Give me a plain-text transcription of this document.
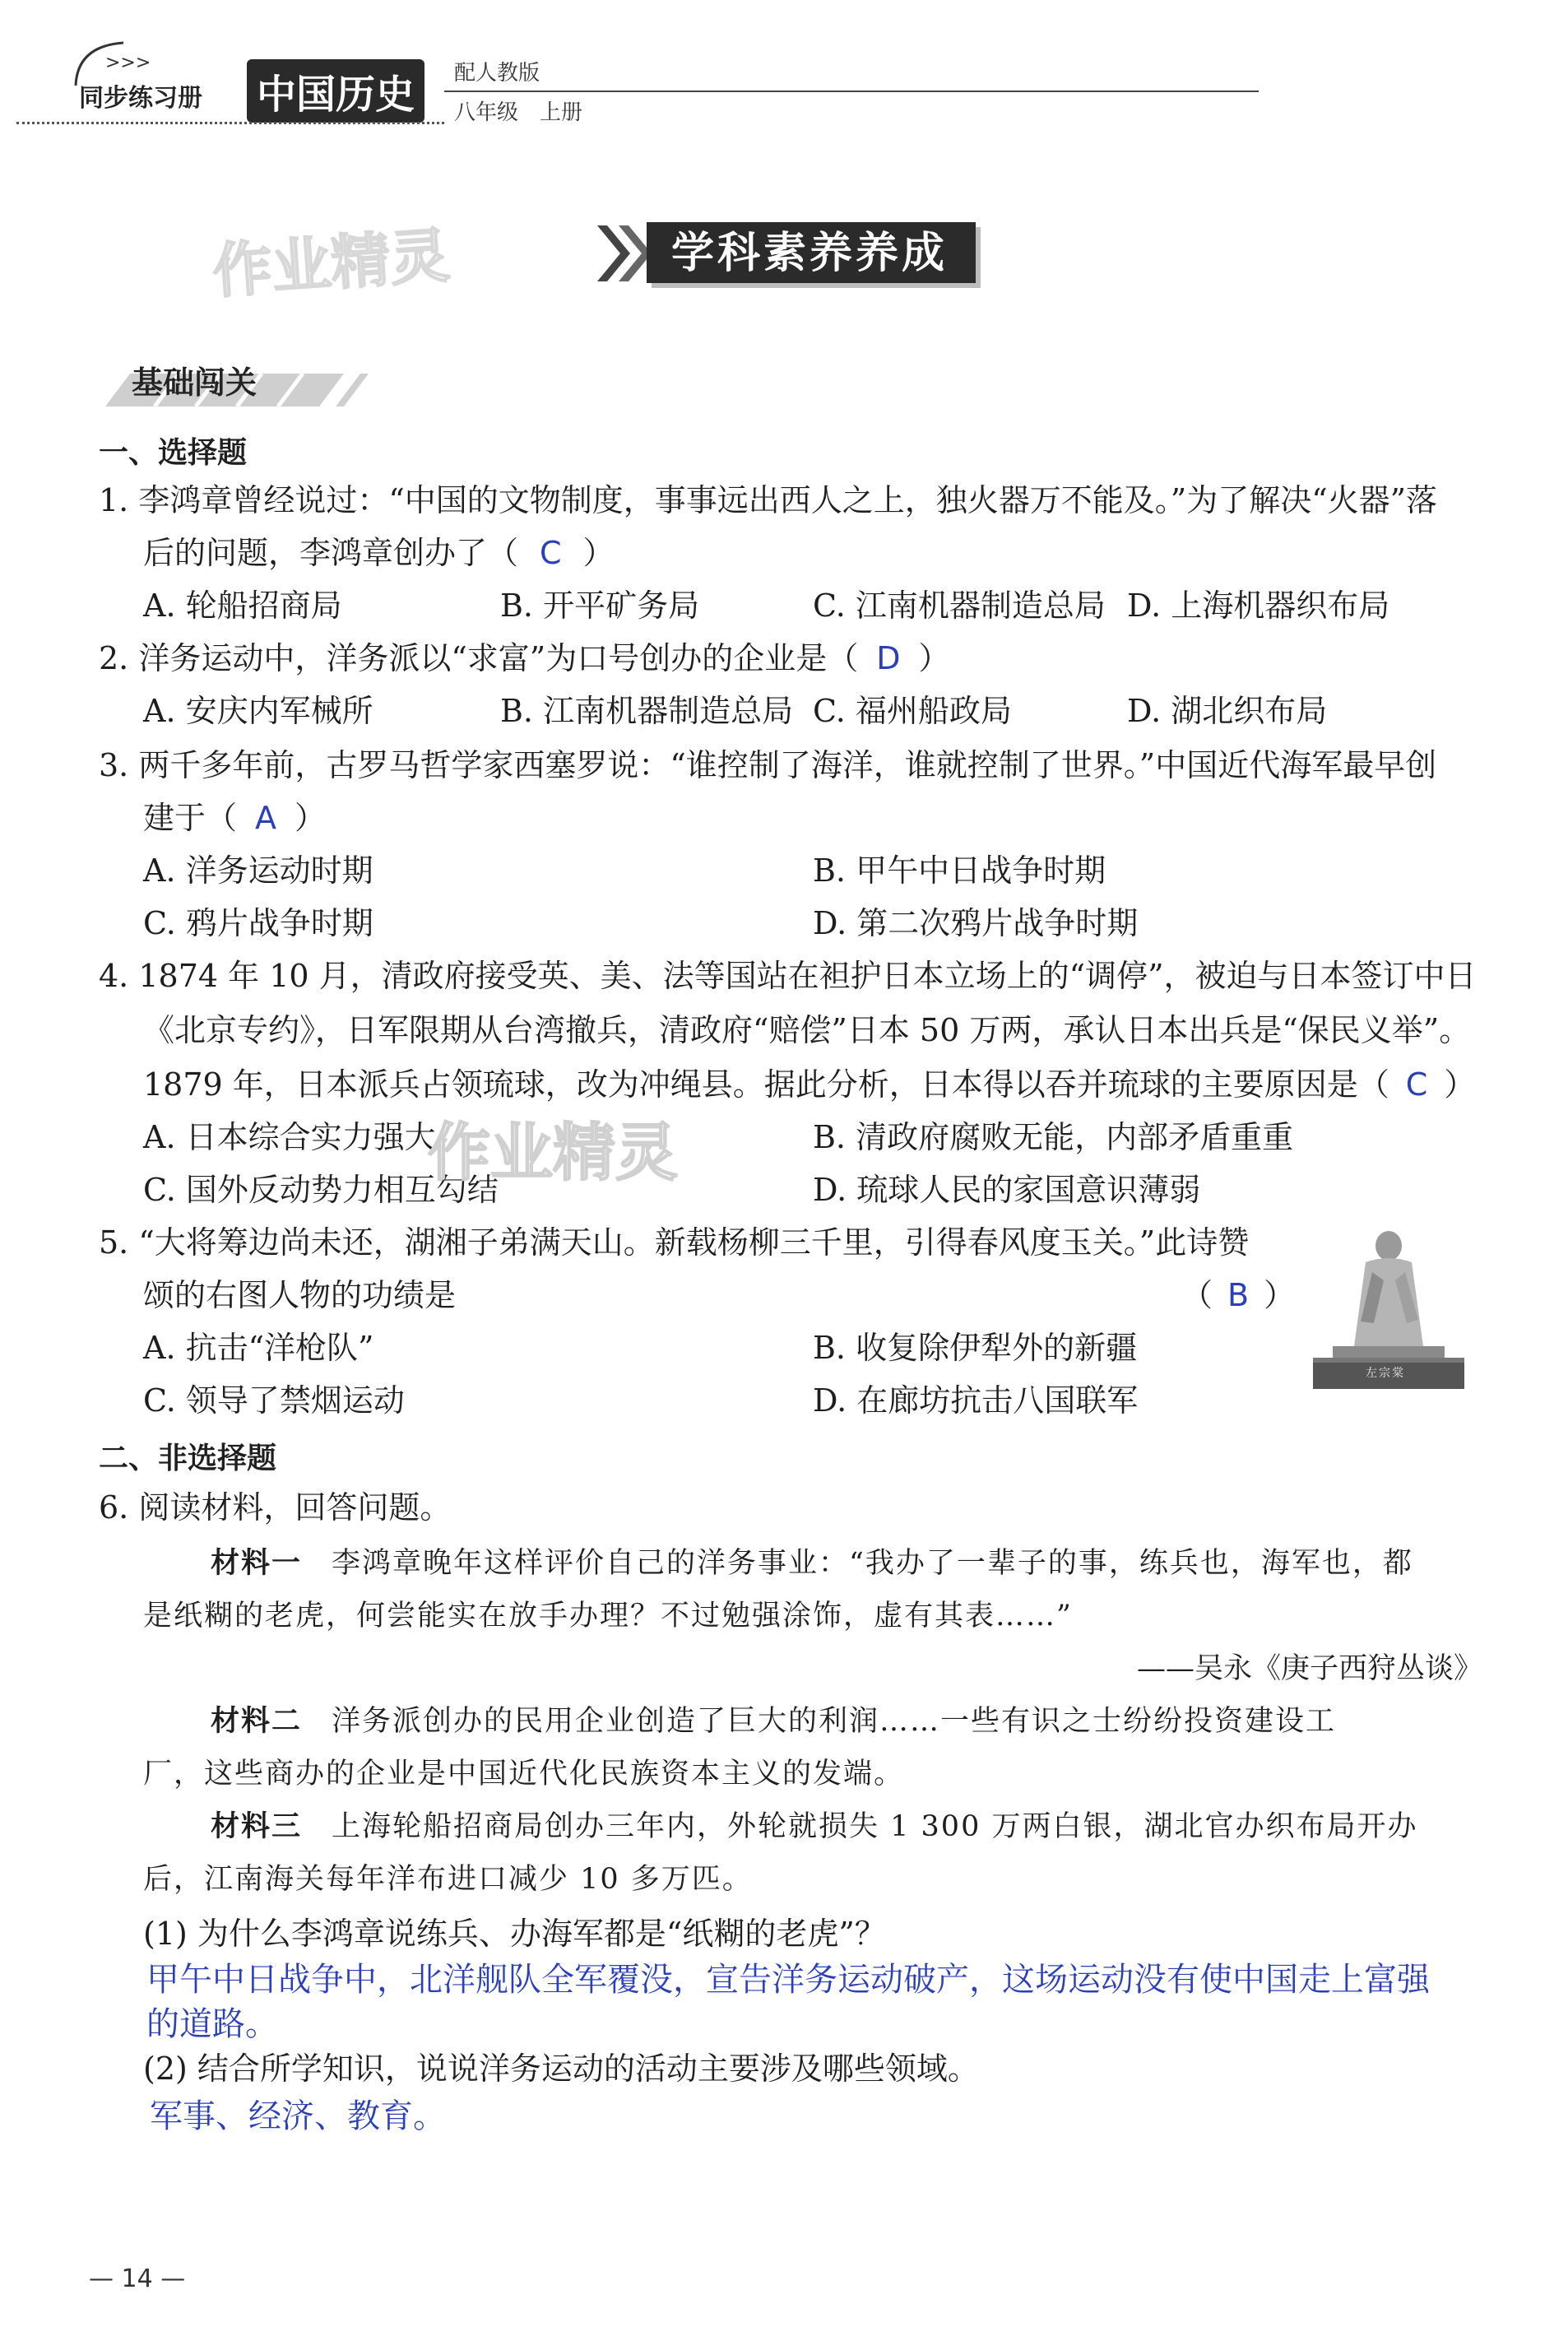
>>>
同步练习册 中国历史	配人教版
八年级　上册
作业精灵	学科素养养成
基础闯关
一、选择题
1. 李鸿章曾经说过：“中国的文物制度，事事远出西人之上，独火器万不能及。”为了解决“火器”落
后的问题，李鸿章创办了（ C ）
A. 轮船招商局	B. 开平矿务局	C. 江南机器制造总局 D. 上海机器织布局
2. 洋务运动中，洋务派以“求富”为口号创办的企业是（ D ）
A. 安庆内军械所	B. 江南机器制造总局 C. 福州船政局	D. 湖北织布局
3. 两千多年前，古罗马哲学家西塞罗说：“谁控制了海洋，谁就控制了世界。”中国近代海军最早创
建于（ A ）
A. 洋务运动时期	B. 甲午中日战争时期
C. 鸦片战争时期	D. 第二次鸦片战争时期
4. 1874 年 10 月，清政府接受英、美、法等国站在袒护日本立场上的“调停”，被迫与日本签订中日
《北京专约》，日军限期从台湾撤兵，清政府“赔偿”日本 50 万两，承认日本出兵是“保民义举”。
1879 年，日本派兵占领琉球，改为冲绳县。据此分析，日本得以吞并琉球的主要原因是（ C ）
A. 日本综合实力强大	B. 清政府腐败无能，内部矛盾重重
C. 国外反动势力相互勾结	D. 琉球人民的家国意识薄弱
作业精灵
5. “大将筹边尚未还，湖湘子弟满天山。新载杨柳三千里，引得春风度玉关。”此诗赞
颂的右图人物的功绩是	（ B ）
A. 抗击“洋枪队”	B. 收复除伊犁外的新疆
C. 领导了禁烟运动	D. 在廊坊抗击八国联军
左宗棠
二、非选择题
6. 阅读材料，回答问题。
材料一 李鸿章晚年这样评价自己的洋务事业：“我办了一辈子的事，练兵也，海军也，都
是纸糊的老虎，何尝能实在放手办理？不过勉强涂饰，虚有其表……”
——吴永《庚子西狩丛谈》
材料二 洋务派创办的民用企业创造了巨大的利润……一些有识之士纷纷投资建设工
厂，这些商办的企业是中国近代化民族资本主义的发端。
材料三 上海轮船招商局创办三年内，外轮就损失 1 300 万两白银，湖北官办织布局开办
后，江南海关每年洋布进口减少 10 多万匹。
(1) 为什么李鸿章说练兵、办海军都是“纸糊的老虎”？
甲午中日战争中，北洋舰队全军覆没，宣告洋务运动破产，这场运动没有使中国走上富强
的道路。
(2) 结合所学知识，说说洋务运动的活动主要涉及哪些领域。
军事、经济、教育。
— 14 —
